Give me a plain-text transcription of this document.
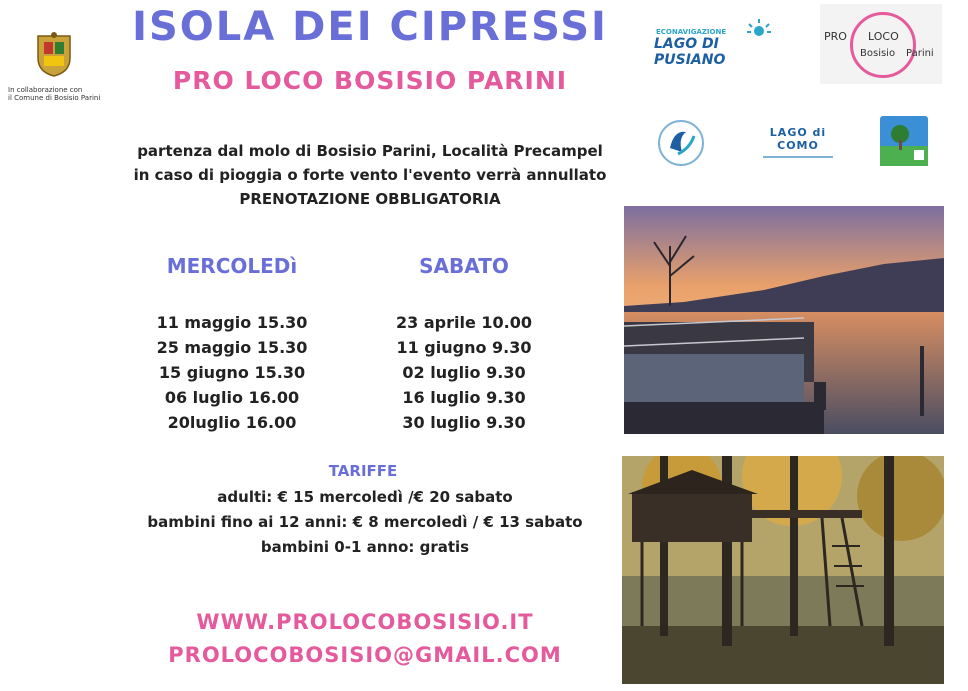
In collaborazione con
il Comune di Bosisio Parini
ISOLA DEI CIPRESSI
PRO LOCO BOSISIO PARINI
ECONAVIGAZIONE
LAGO DI PUSIANO
PRO LOCO
Bosisio Parini
LAGO di COMO
partenza dal molo di Bosisio Parini, Località Precampel
in caso di pioggia o forte vento l'evento verrà annullato
PRENOTAZIONE OBBLIGATORIA
MERCOLEDì	SABATO
11 maggio 15.30
25 maggio 15.30
15 giugno 15.30
06 luglio 16.00
20luglio 16.00
23 aprile 10.00
11 giugno 9.30
02 luglio 9.30
16 luglio 9.30
30 luglio 9.30
TARIFFE
adulti: € 15 mercoledì /€ 20 sabato
bambini fino ai 12 anni: € 8 mercoledì / € 13 sabato
bambini 0-1 anno: gratis
WWW.PROLOCOBOSISIO.IT
PROLOCOBOSISIO@GMAIL.COM
